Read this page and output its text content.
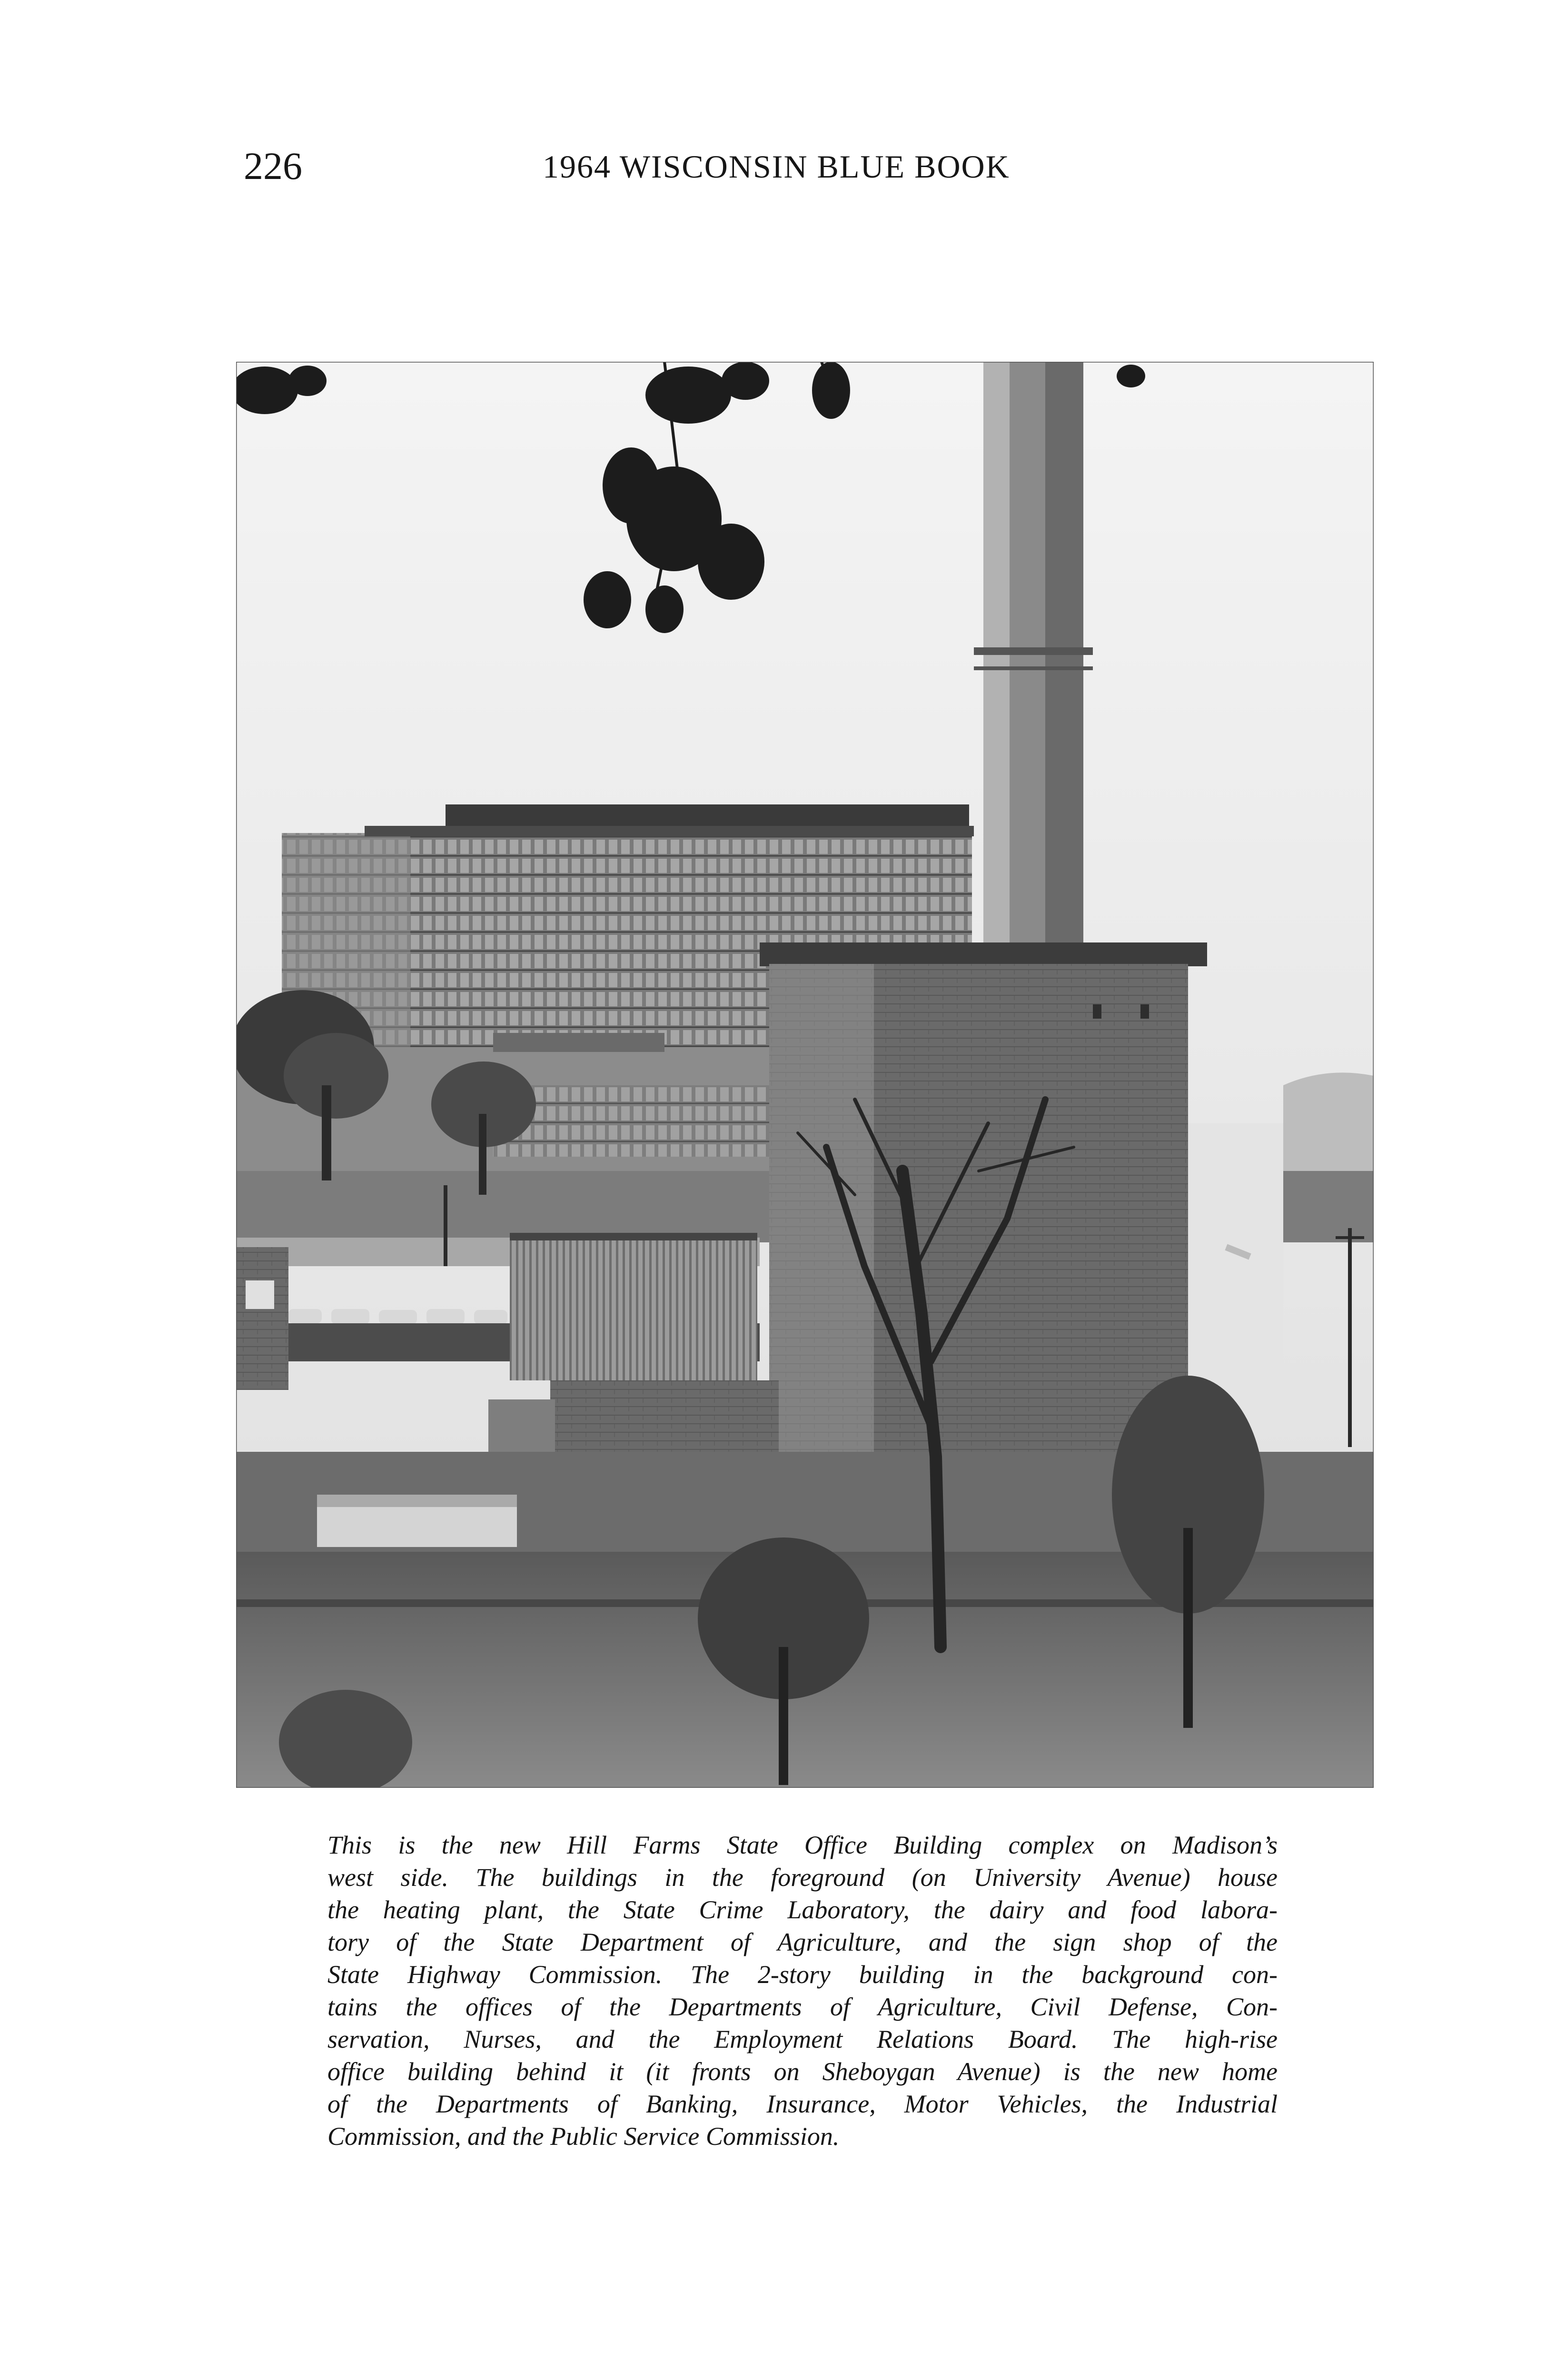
226	1964 WISCONSIN BLUE BOOK

This is the new Hill Farms State Office Building complex on Madison’s
west side. The buildings in the foreground (on University Avenue) house
the heating plant, the State Crime Laboratory, the dairy and food labora-
tory of the State Department of Agriculture, and the sign shop of the
State Highway Commission. The 2-story building in the background con-
tains the offices of the Departments of Agriculture, Civil Defense, Con-
servation, Nurses, and the Employment Relations Board. The high-rise
office building behind it (it fronts on Sheboygan Avenue) is the new home
of the Departments of Banking, Insurance, Motor Vehicles, the Industrial
Commission, and the Public Service Commission.
